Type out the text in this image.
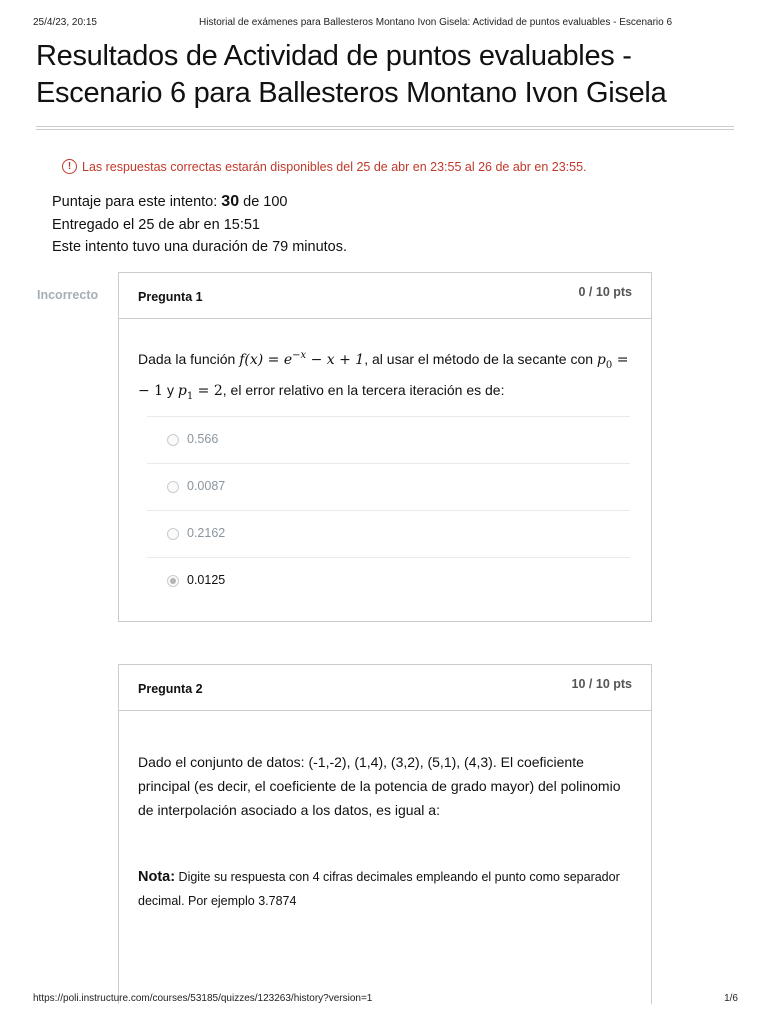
25/4/23, 20:15	Historial de exámenes para Ballesteros Montano Ivon Gisela: Actividad de puntos evaluables - Escenario 6
Resultados de Actividad de puntos evaluables - Escenario 6 para Ballesteros Montano Ivon Gisela
! Las respuestas correctas estarán disponibles del 25 de abr en 23:55 al 26 de abr en 23:55.
Puntaje para este intento: 30 de 100
Entregado el 25 de abr en 15:51
Este intento tuvo una duración de 79 minutos.
Incorrecto	Pregunta 1	0 / 10 pts
Dada la función $f(x) = e^{-x} - x + 1$, al usar el método de la secante con $p_0$ = − 1 y $p_1 = 2$, el error relativo en la tercera iteración es de:
0.566
0.0087
0.2162
0.0125
Pregunta 2	10 / 10 pts
Dado el conjunto de datos: (-1,-2), (1,4), (3,2), (5,1), (4,3). El coeficiente principal (es decir, el coeficiente de la potencia de grado mayor) del polinomio de interpolación asociado a los datos, es igual a:
Nota: Digite su respuesta con 4 cifras decimales empleando el punto como separador decimal. Por ejemplo 3.7874
https://poli.instructure.com/courses/53185/quizzes/123263/history?version=1	1/6
